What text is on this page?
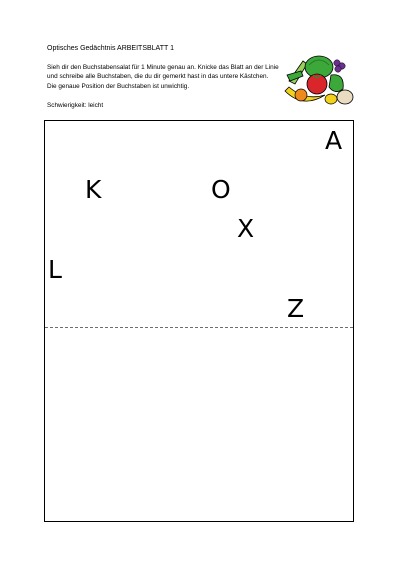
Optisches Gedächtnis ARBEITSBLATT 1
Sieh dir den Buchstabensalat für 1 Minute genau an. Knicke das Blatt an der Linie und schreibe alle Buchstaben, die du dir gemerkt hast in das untere Kästchen. Die genaue Position der Buchstaben ist unwichtig.
Schwierigkeit: leicht
A
K	O
X
L
Z
